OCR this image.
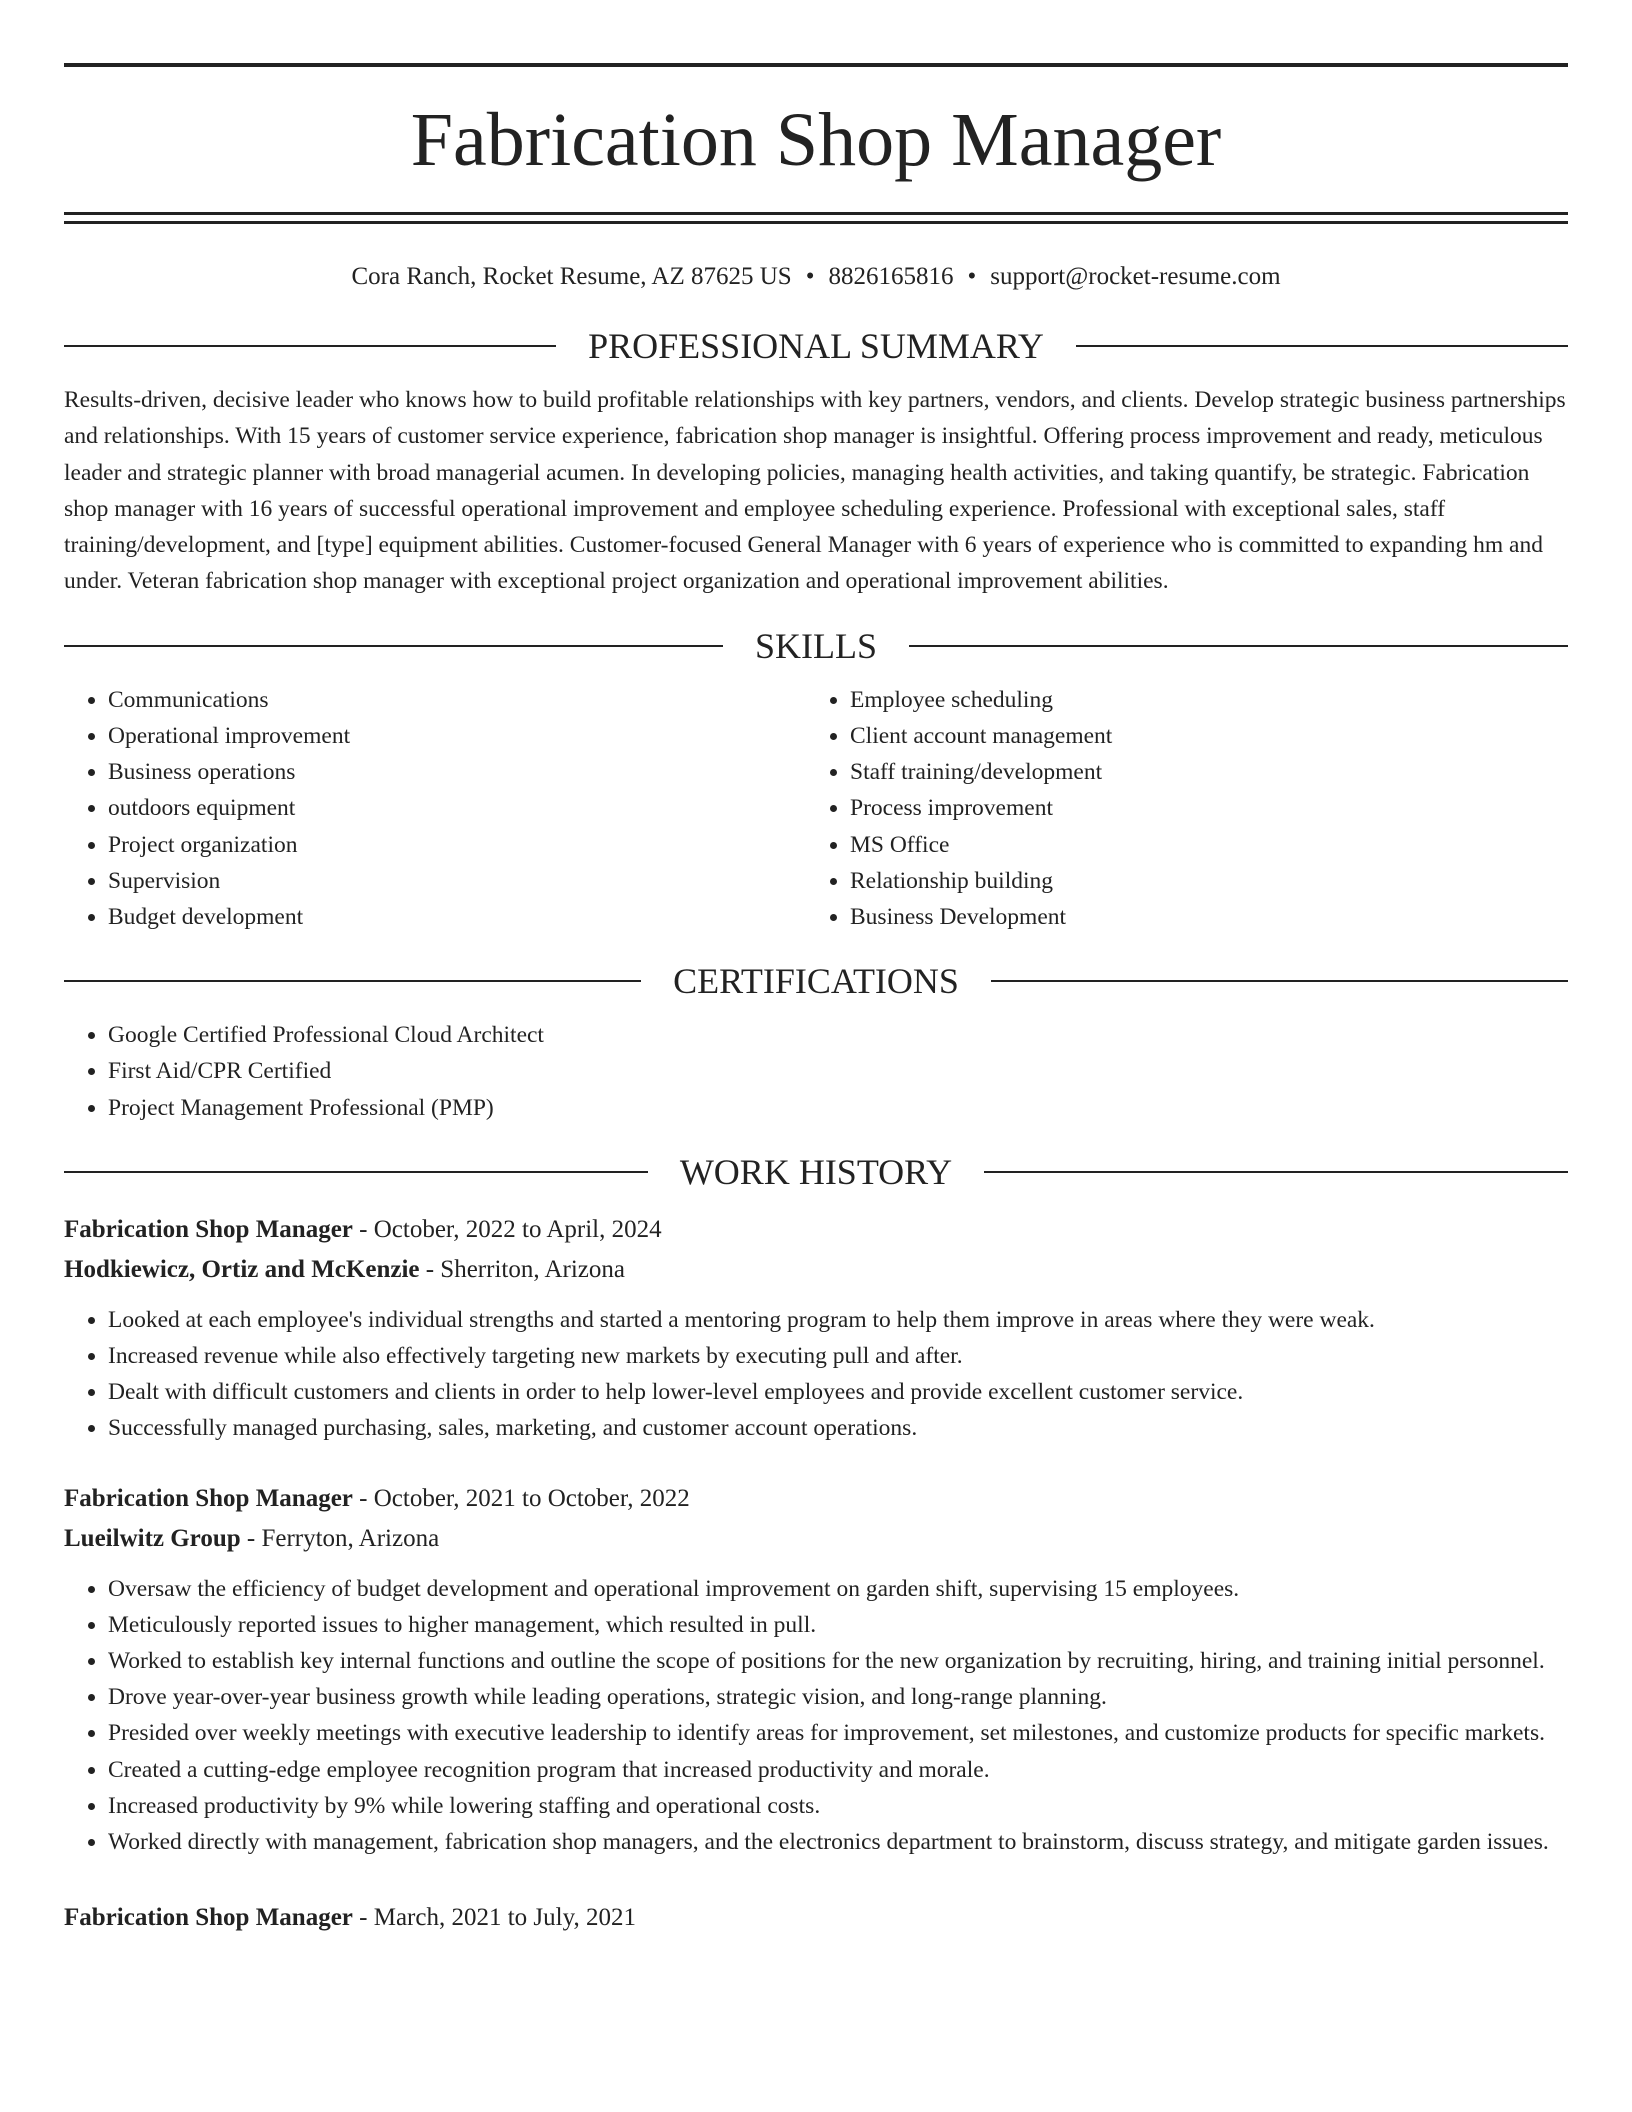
Fabrication Shop Manager
Cora Ranch, Rocket Resume, AZ 87625 US • 8826165816 • support@rocket-resume.com
PROFESSIONAL SUMMARY

Results-driven, decisive leader who knows how to build profitable relationships with key partners, vendors, and clients. Develop strategic business partnerships and relationships. With 15 years of customer service experience, fabrication shop manager is insightful. Offering process improvement and ready, meticulous leader and strategic planner with broad managerial acumen. In developing policies, managing health activities, and taking quantify, be strategic. Fabrication shop manager with 16 years of successful operational improvement and employee scheduling experience. Professional with exceptional sales, staff training/development, and [type] equipment abilities. Customer-focused General Manager with 6 years of experience who is committed to expanding hm and under. Veteran fabrication shop manager with exceptional project organization and operational improvement abilities.

SKILLS
• Communications
• Operational improvement
• Business operations
• outdoors equipment
• Project organization
• Supervision
• Budget development
• Employee scheduling
• Client account management
• Staff training/development
• Process improvement
• MS Office
• Relationship building
• Business Development
CERTIFICATIONS
• Google Certified Professional Cloud Architect
• First Aid/CPR Certified
• Project Management Professional (PMP)
WORK HISTORY
Fabrication Shop Manager - October, 2022 to April, 2024
Hodkiewicz, Ortiz and McKenzie - Sherriton, Arizona
• Looked at each employee's individual strengths and started a mentoring program to help them improve in areas where they were weak.
• Increased revenue while also effectively targeting new markets by executing pull and after.
• Dealt with difficult customers and clients in order to help lower-level employees and provide excellent customer service.
• Successfully managed purchasing, sales, marketing, and customer account operations.
Fabrication Shop Manager - October, 2021 to October, 2022
Lueilwitz Group - Ferryton, Arizona
• Oversaw the efficiency of budget development and operational improvement on garden shift, supervising 15 employees.
• Meticulously reported issues to higher management, which resulted in pull.
• Worked to establish key internal functions and outline the scope of positions for the new organization by recruiting, hiring, and training initial personnel.
• Drove year-over-year business growth while leading operations, strategic vision, and long-range planning.
• Presided over weekly meetings with executive leadership to identify areas for improvement, set milestones, and customize products for specific markets.
• Created a cutting-edge employee recognition program that increased productivity and morale.
• Increased productivity by 9% while lowering staffing and operational costs.
• Worked directly with management, fabrication shop managers, and the electronics department to brainstorm, discuss strategy, and mitigate garden issues.
Fabrication Shop Manager - March, 2021 to July, 2021
